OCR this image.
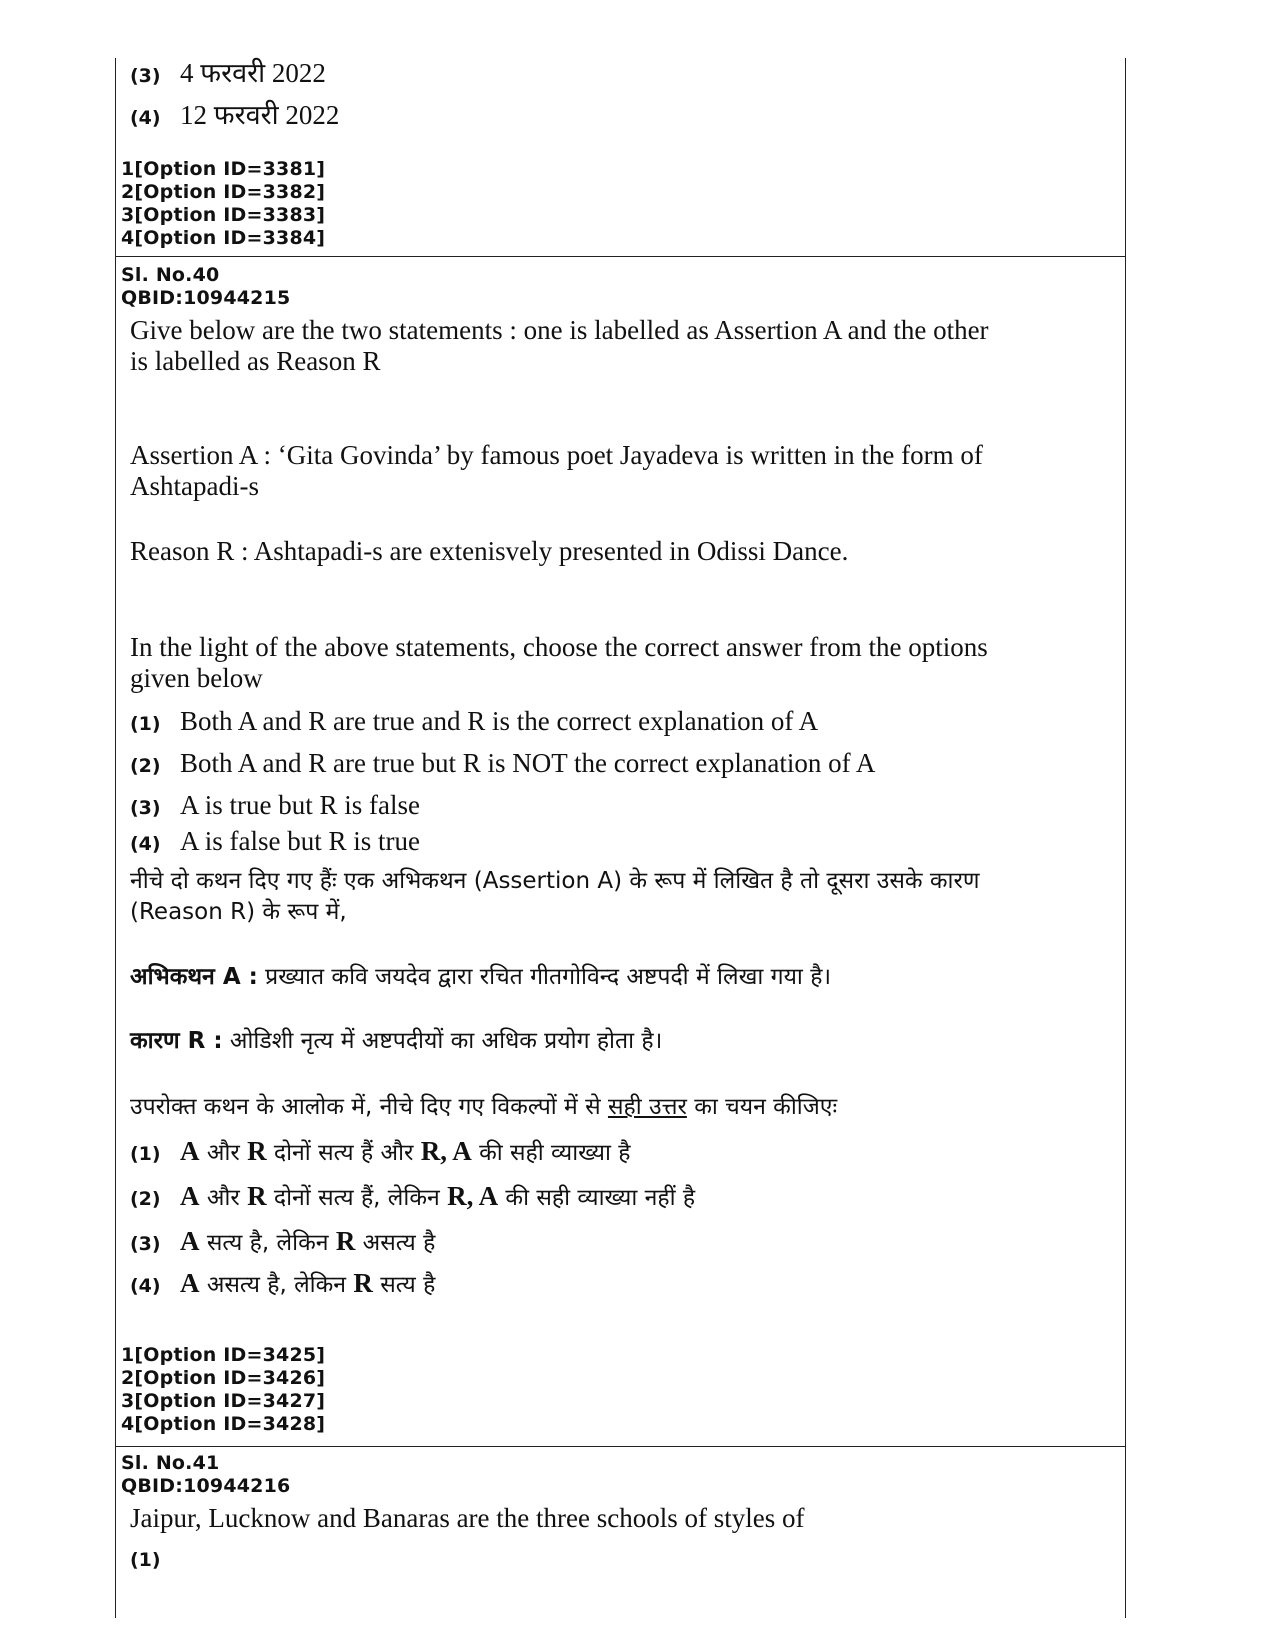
(3) 4 फरवरी 2022
(4) 12 फरवरी 2022
1[Option ID=3381]
2[Option ID=3382]
3[Option ID=3383]
4[Option ID=3384]
Sl. No.40
QBID:10944215
Give below are the two statements : one is labelled as Assertion A and the other
is labelled as Reason R
Assertion A : ‘Gita Govinda’ by famous poet Jayadeva is written in the form of
Ashtapadi-s
Reason R : Ashtapadi-s are extenisvely presented in Odissi Dance.
In the light of the above statements, choose the correct answer from the options
given below
(1) Both A and R are true and R is the correct explanation of A
(2) Both A and R are true but R is NOT the correct explanation of A
(3) A is true but R is false
(4) A is false but R is true
नीचे दो कथन दिए गए हैंः एक अभिकथन (Assertion A) के रूप में लिखित है तो दूसरा उसके कारण
(Reason R) के रूप में,
अभिकथन A : प्रख्यात कवि जयदेव द्वारा रचित गीतगोविन्द अष्टपदी में लिखा गया है।
कारण R : ओडिशी नृत्य में अष्टपदीयों का अधिक प्रयोग होता है।
उपरोक्त कथन के आलोक में, नीचे दिए गए विकल्पों में से सही उत्तर का चयन कीजिएः
(1) A और R दोनों सत्य हैं और R, A की सही व्याख्या है
(2) A और R दोनों सत्य हैं, लेकिन R, A की सही व्याख्या नहीं है
(3) A सत्य है, लेकिन R असत्य है
(4) A असत्य है, लेकिन R सत्य है
1[Option ID=3425]
2[Option ID=3426]
3[Option ID=3427]
4[Option ID=3428]
Sl. No.41
QBID:10944216
Jaipur, Lucknow and Banaras are the three schools of styles of
(1)
